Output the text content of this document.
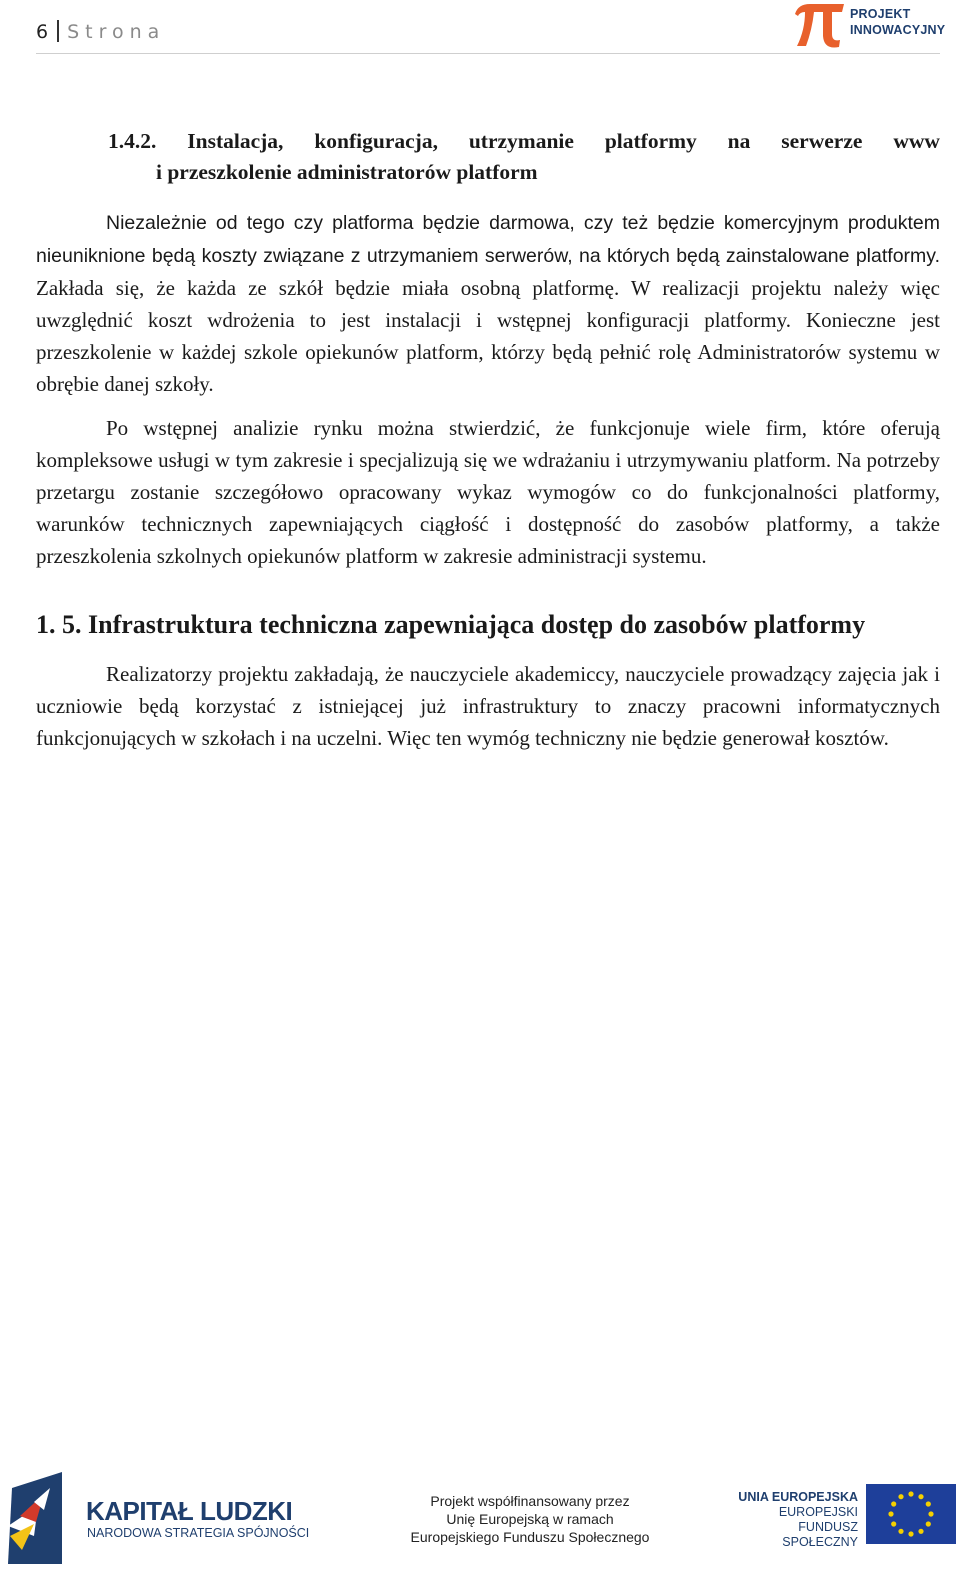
6 Strona
PROJEKT
INNOWACYJNY
1.4.2. Instalacja, konfiguracja, utrzymanie platformy na serwerze www
i przeszkolenie administratorów platform

Niezależnie od tego czy platforma będzie darmowa, czy też będzie komercyjnym produktem nieuniknione będą koszty związane z utrzymaniem serwerów, na których będą zainstalowane platformy. Zakłada się, że każda ze szkół będzie miała osobną platformę. W realizacji projektu należy więc uwzględnić koszt wdrożenia to jest instalacji i wstępnej konfiguracji platformy. Konieczne jest przeszkolenie w każdej szkole opiekunów platform, którzy będą pełnić rolę Administratorów systemu w obrębie danej szkoły.

Po wstępnej analizie rynku można stwierdzić, że funkcjonuje wiele firm, które oferują kompleksowe usługi w tym zakresie i specjalizują się we wdrażaniu i utrzymywaniu platform. Na potrzeby przetargu zostanie szczegółowo opracowany wykaz wymogów co do funkcjonalności platformy, warunków technicznych zapewniających ciągłość i dostępność do zasobów platformy, a także przeszkolenia szkolnych opiekunów platform w zakresie administracji systemu.

1. 5. Infrastruktura techniczna zapewniająca dostęp do zasobów platformy

Realizatorzy projektu zakładają, że nauczyciele akademiccy, nauczyciele prowadzący zajęcia jak i uczniowie będą korzystać z istniejącej już infrastruktury to znaczy pracowni informatycznych funkcjonujących w szkołach i na uczelni. Więc ten wymóg techniczny nie będzie generował kosztów.

KAPITAŁ LUDZKI
NARODOWA STRATEGIA SPÓJNOŚCI
Projekt współfinansowany przez
Unię Europejską w ramach
Europejskiego Funduszu Społecznego
UNIA EUROPEJSKA
EUROPEJSKI
FUNDUSZ SPOŁECZNY
